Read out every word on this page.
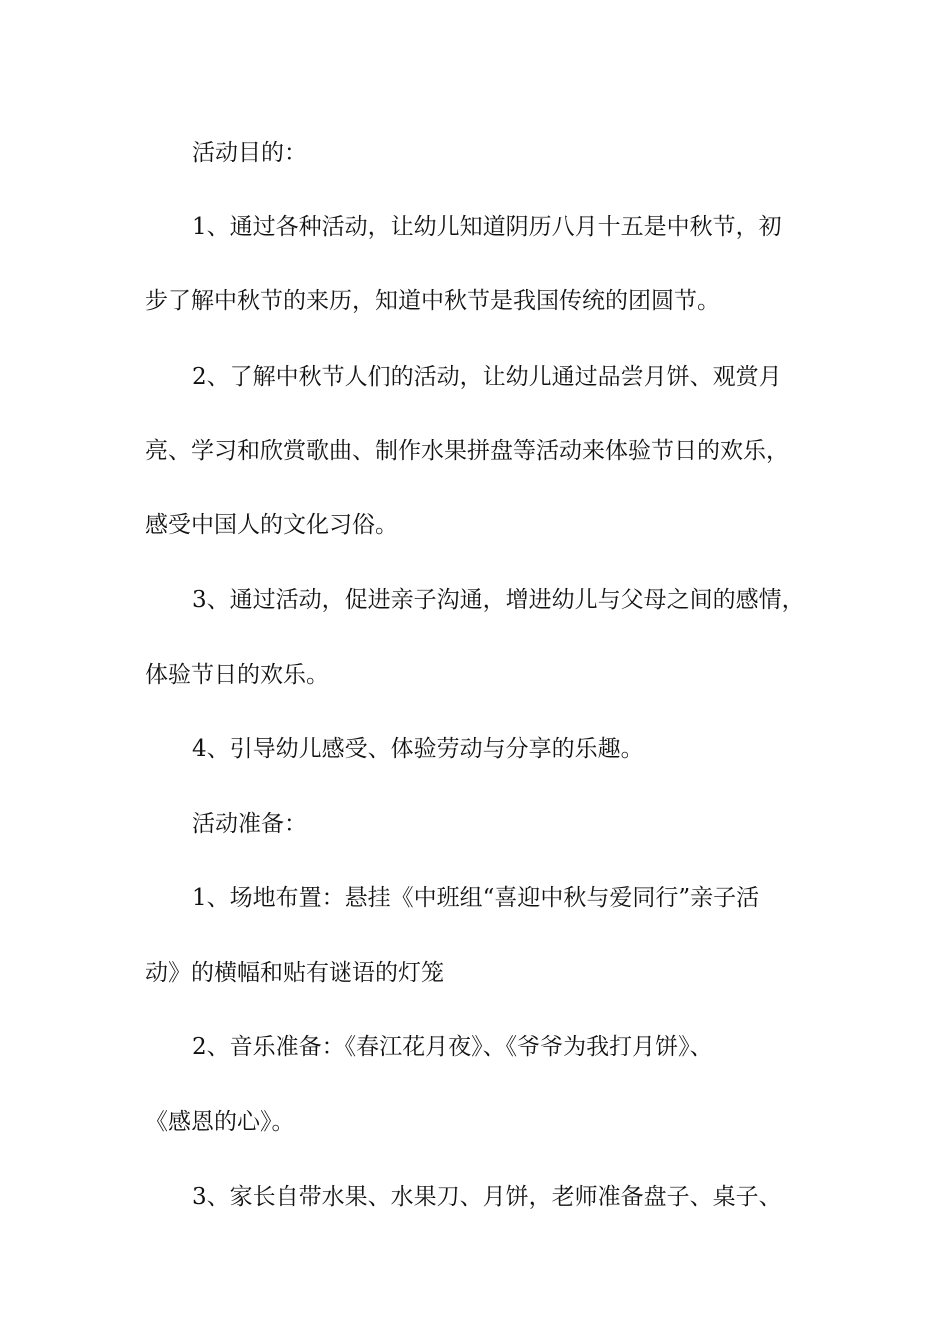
活动目的：
1、通过各种活动，让幼儿知道阴历八月十五是中秋节，初
步了解中秋节的来历，知道中秋节是我国传统的团圆节。
2、了解中秋节人们的活动，让幼儿通过品尝月饼、观赏月
亮、学习和欣赏歌曲、制作水果拼盘等活动来体验节日的欢乐，
感受中国人的文化习俗。
3、通过活动，促进亲子沟通，增进幼儿与父母之间的感情，
体验节日的欢乐。
4、引导幼儿感受、体验劳动与分享的乐趣。
活动准备：
1、场地布置：悬挂《中班组“喜迎中秋与爱同行”亲子活
动》的横幅和贴有谜语的灯笼
2、音乐准备：《春江花月夜》、《爷爷为我打月饼》、
《感恩的心》。
3、家长自带水果、水果刀、月饼，老师准备盘子、桌子、
